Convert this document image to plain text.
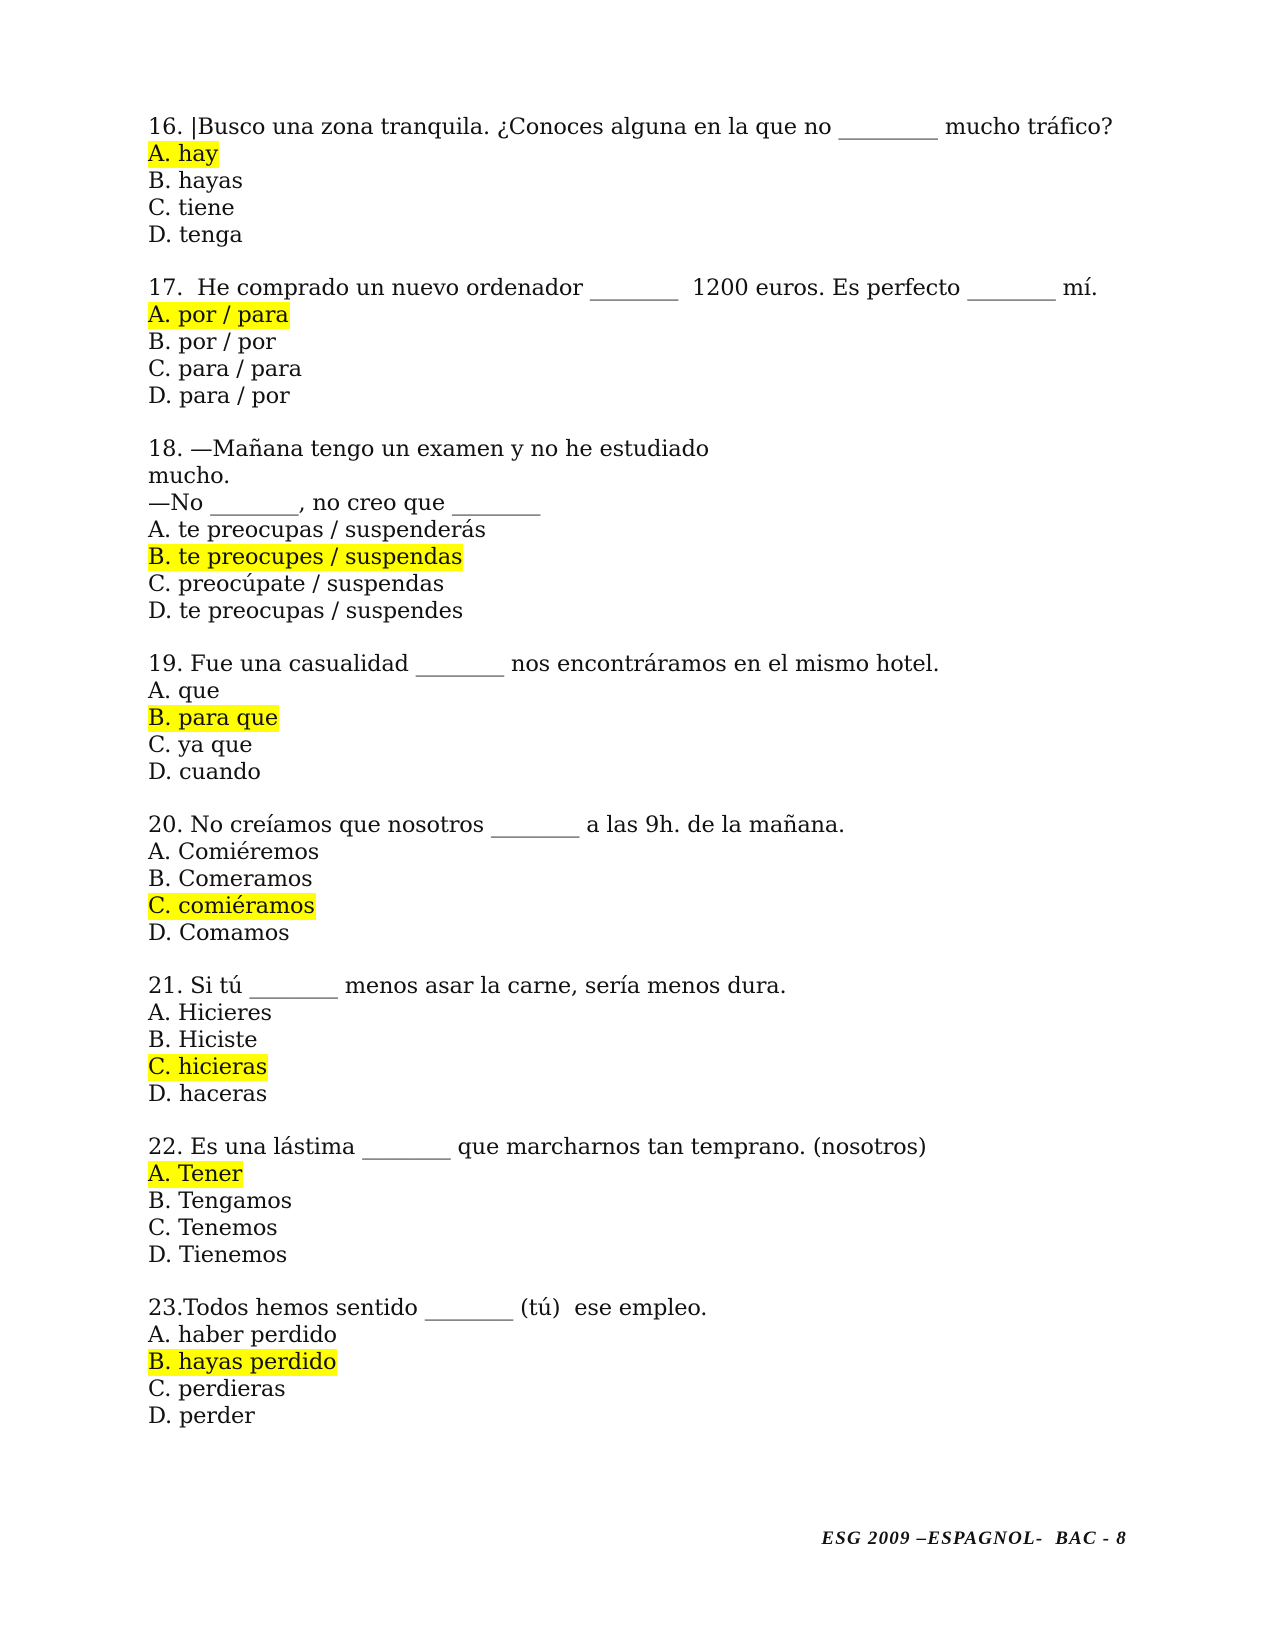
16. |Busco una zona tranquila. ¿Conoces alguna en la que no _________ mucho tráfico?
A. hay
B. hayas
C. tiene
D. tenga
17.  He comprado un nuevo ordenador ________  1200 euros. Es perfecto ________ mí.
A. por / para
B. por / por
C. para / para
D. para / por
18. —Mañana tengo un examen y no he estudiado
mucho.
—No ________, no creo que ________
A. te preocupas / suspenderás
B. te preocupes / suspendas
C. preocúpate / suspendas
D. te preocupas / suspendes
19. Fue una casualidad ________ nos encontráramos en el mismo hotel.
A. que
B. para que
C. ya que
D. cuando
20. No creíamos que nosotros ________ a las 9h. de la mañana.
A. Comiéremos
B. Comeramos
C. comiéramos
D. Comamos
21. Si tú ________ menos asar la carne, sería menos dura.
A. Hicieres
B. Hiciste
C. hicieras
D. haceras
22. Es una lástima ________ que marcharnos tan temprano. (nosotros)
A. Tener
B. Tengamos
C. Tenemos
D. Tienemos
23.Todos hemos sentido ________ (tú)  ese empleo.
A. haber perdido
B. hayas perdido
C. perdieras
D. perder
ESG 2009 –ESPAGNOL-  BAC - 8
